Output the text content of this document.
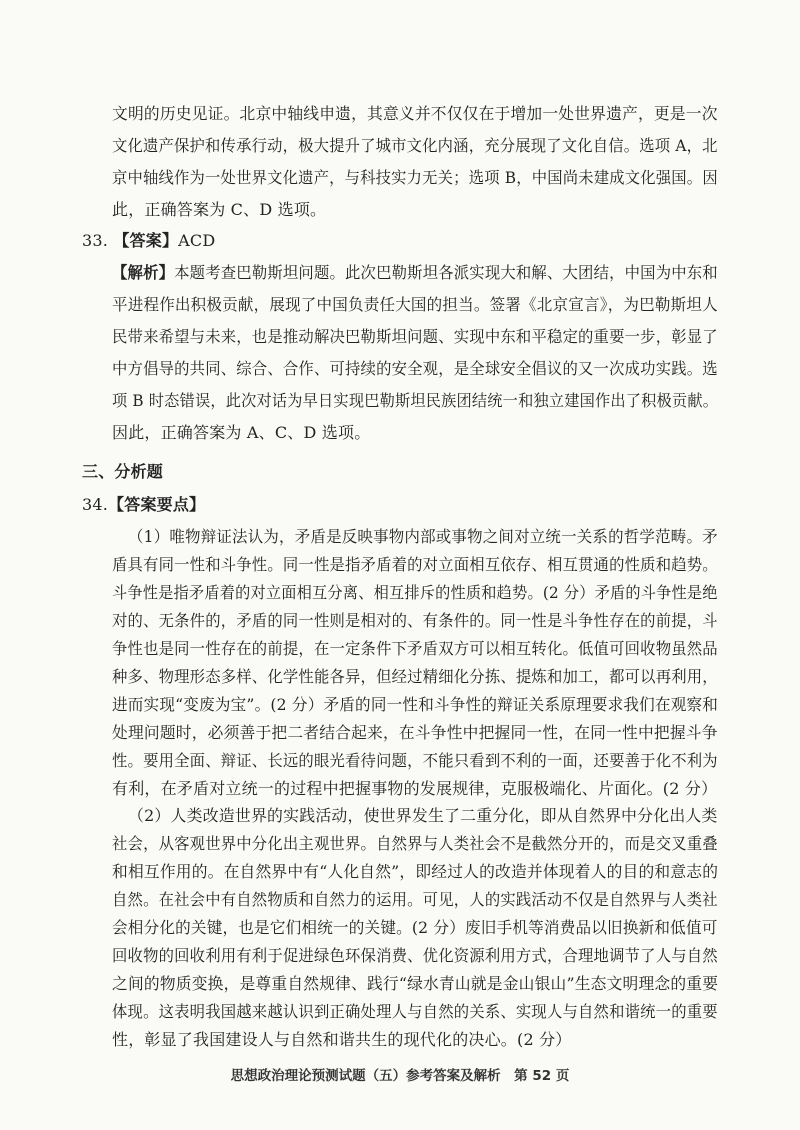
文明的历史见证。北京中轴线申遗，其意义并不仅仅在于增加一处世界遗产，更是一次
文化遗产保护和传承行动，极大提升了城市文化内涵，充分展现了文化自信。选项 A，北
京中轴线作为一处世界文化遗产，与科技实力无关；选项 B，中国尚未建成文化强国。因
此，正确答案为 C、D 选项。
33. 【答案】ACD
【解析】本题考查巴勒斯坦问题。此次巴勒斯坦各派实现大和解、大团结，中国为中东和
平进程作出积极贡献，展现了中国负责任大国的担当。签署《北京宣言》，为巴勒斯坦人
民带来希望与未来，也是推动解决巴勒斯坦问题、实现中东和平稳定的重要一步，彰显了
中方倡导的共同、综合、合作、可持续的安全观，是全球安全倡议的又一次成功实践。选
项 B 时态错误，此次对话为早日实现巴勒斯坦民族团结统一和独立建国作出了积极贡献。
因此，正确答案为 A、C、D 选项。
三、分析题
34.【答案要点】
（1）唯物辩证法认为，矛盾是反映事物内部或事物之间对立统一关系的哲学范畴。矛
盾具有同一性和斗争性。同一性是指矛盾着的对立面相互依存、相互贯通的性质和趋势。
斗争性是指矛盾着的对立面相互分离、相互排斥的性质和趋势。(2 分）矛盾的斗争性是绝
对的、无条件的，矛盾的同一性则是相对的、有条件的。同一性是斗争性存在的前提，斗
争性也是同一性存在的前提，在一定条件下矛盾双方可以相互转化。低值可回收物虽然品
种多、物理形态多样、化学性能各异，但经过精细化分拣、提炼和加工，都可以再利用，
进而实现“变废为宝”。(2 分）矛盾的同一性和斗争性的辩证关系原理要求我们在观察和
处理问题时，必须善于把二者结合起来，在斗争性中把握同一性，在同一性中把握斗争
性。要用全面、辩证、长远的眼光看待问题，不能只看到不利的一面，还要善于化不利为
有利，在矛盾对立统一的过程中把握事物的发展规律，克服极端化、片面化。(2 分）
（2）人类改造世界的实践活动，使世界发生了二重分化，即从自然界中分化出人类
社会，从客观世界中分化出主观世界。自然界与人类社会不是截然分开的，而是交叉重叠
和相互作用的。在自然界中有“人化自然”，即经过人的改造并体现着人的目的和意志的
自然。在社会中有自然物质和自然力的运用。可见，人的实践活动不仅是自然界与人类社
会相分化的关键，也是它们相统一的关键。(2 分）废旧手机等消费品以旧换新和低值可
回收物的回收利用有利于促进绿色环保消费、优化资源利用方式，合理地调节了人与自然
之间的物质变换，是尊重自然规律、践行“绿水青山就是金山银山”生态文明理念的重要
体现。这表明我国越来越认识到正确处理人与自然的关系、实现人与自然和谐统一的重要
性，彰显了我国建设人与自然和谐共生的现代化的决心。(2 分）
思想政治理论预测试题（五）参考答案及解析　第 52 页
